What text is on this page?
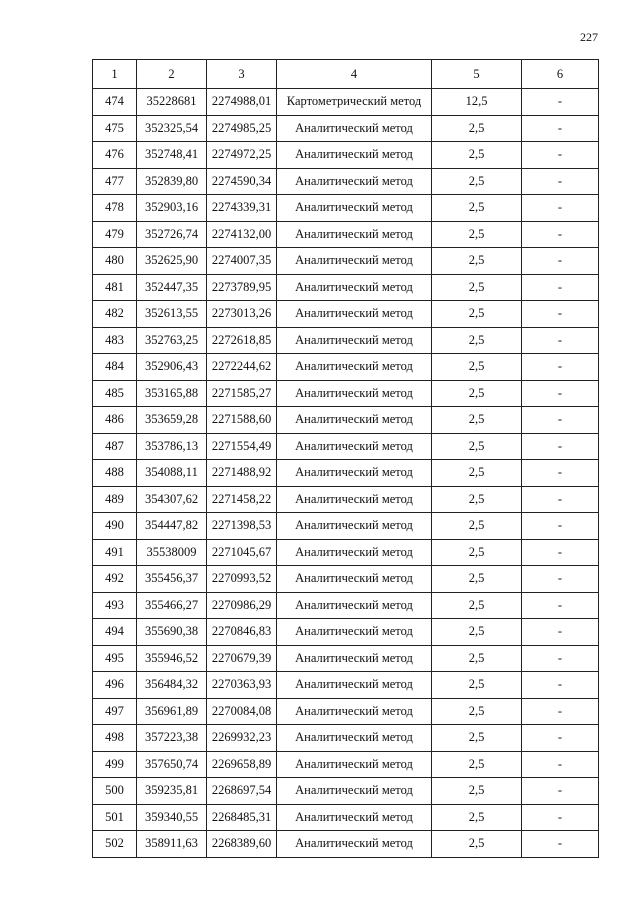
227
1	2	3	4	5	6
474	35228681	2274988,01	Картометрический метод	12,5	-
475	352325,54	2274985,25	Аналитический метод	2,5	-
476	352748,41	2274972,25	Аналитический метод	2,5	-
477	352839,80	2274590,34	Аналитический метод	2,5	-
478	352903,16	2274339,31	Аналитический метод	2,5	-
479	352726,74	2274132,00	Аналитический метод	2,5	-
480	352625,90	2274007,35	Аналитический метод	2,5	-
481	352447,35	2273789,95	Аналитический метод	2,5	-
482	352613,55	2273013,26	Аналитический метод	2,5	-
483	352763,25	2272618,85	Аналитический метод	2,5	-
484	352906,43	2272244,62	Аналитический метод	2,5	-
485	353165,88	2271585,27	Аналитический метод	2,5	-
486	353659,28	2271588,60	Аналитический метод	2,5	-
487	353786,13	2271554,49	Аналитический метод	2,5	-
488	354088,11	2271488,92	Аналитический метод	2,5	-
489	354307,62	2271458,22	Аналитический метод	2,5	-
490	354447,82	2271398,53	Аналитический метод	2,5	-
491	35538009	2271045,67	Аналитический метод	2,5	-
492	355456,37	2270993,52	Аналитический метод	2,5	-
493	355466,27	2270986,29	Аналитический метод	2,5	-
494	355690,38	2270846,83	Аналитический метод	2,5	-
495	355946,52	2270679,39	Аналитический метод	2,5	-
496	356484,32	2270363,93	Аналитический метод	2,5	-
497	356961,89	2270084,08	Аналитический метод	2,5	-
498	357223,38	2269932,23	Аналитический метод	2,5	-
499	357650,74	2269658,89	Аналитический метод	2,5	-
500	359235,81	2268697,54	Аналитический метод	2,5	-
501	359340,55	2268485,31	Аналитический метод	2,5	-
502	358911,63	2268389,60	Аналитический метод	2,5	-
